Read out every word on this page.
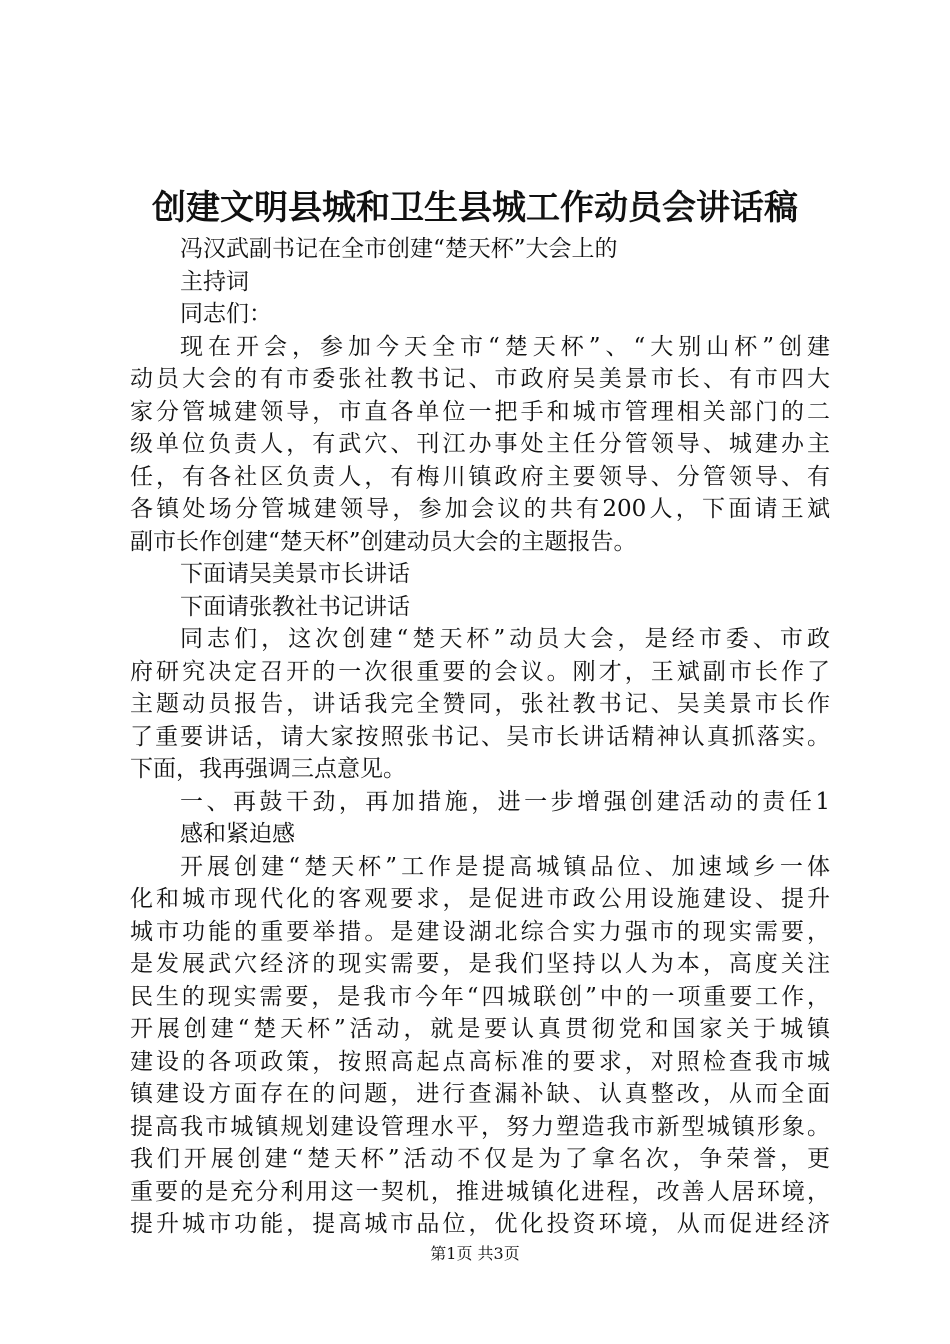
创建文明县城和卫生县城工作动员会讲话稿
冯汉武副书记在全市创建“楚天杯”大会上的
主持词
同志们：
现在开会，参加今天全市“楚天杯”、“大别山杯”创建
动员大会的有市委张社教书记、市政府吴美景市长、有市四大
家分管城建领导，市直各单位一把手和城市管理相关部门的二
级单位负责人，有武穴、刊江办事处主任分管领导、城建办主
任，有各社区负责人，有梅川镇政府主要领导、分管领导、有
各镇处场分管城建领导，参加会议的共有200人，下面请王斌
副市长作创建“楚天杯”创建动员大会的主题报告。
下面请吴美景市长讲话
下面请张教社书记讲话
同志们，这次创建“楚天杯”动员大会，是经市委、市政
府研究决定召开的一次很重要的会议。刚才，王斌副市长作了
主题动员报告，讲话我完全赞同，张社教书记、吴美景市长作
了重要讲话，请大家按照张书记、吴市长讲话精神认真抓落实。
下面，我再强调三点意见。
一、再鼓干劲，再加措施，进一步增强创建活动的责任1
感和紧迫感
开展创建“楚天杯”工作是提高城镇品位、加速域乡一体
化和城市现代化的客观要求，是促进市政公用设施建设、提升
城市功能的重要举措。是建设湖北综合实力强市的现实需要，
是发展武穴经济的现实需要，是我们坚持以人为本，高度关注
民生的现实需要，是我市今年“四城联创”中的一项重要工作，
开展创建“楚天杯”活动，就是要认真贯彻党和国家关于城镇
建设的各项政策，按照高起点高标准的要求，对照检查我市城
镇建设方面存在的问题，进行查漏补缺、认真整改，从而全面
提高我市城镇规划建设管理水平，努力塑造我市新型城镇形象。
我们开展创建“楚天杯”活动不仅是为了拿名次，争荣誉，更
重要的是充分利用这一契机，推进城镇化进程，改善人居环境，
提升城市功能，提高城市品位，优化投资环境，从而促进经济
第1页 共3页
